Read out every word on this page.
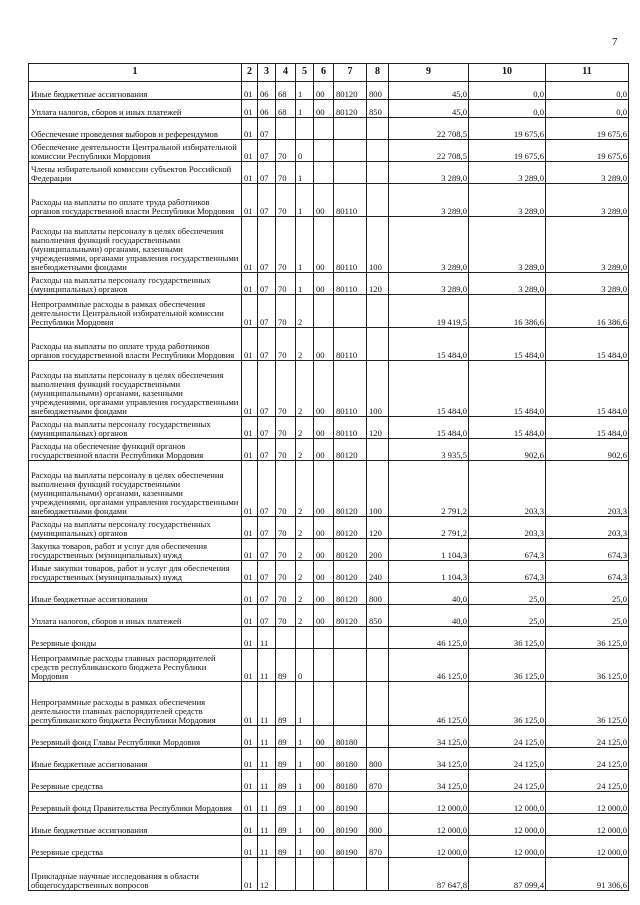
7
1	2	3	4	5	6	7	8	9	10	11
Иные бюджетные ассигнования	01	06	68	1	00	80120	800	45,0	0,0	0,0
Уплата налогов, сборов и иных платежей	01	06	68	1	00	80120	850	45,0	0,0	0,0
Обеспечение проведения выборов и референдумов	01	07						22 708,5	19 675,6	19 675,6
Обеспечение деятельности Центральной избирательной комиссии Республики Мордовия	01	07	70	0				22 708,5	19 675,6	19 675,6
Члены избирательной комиссии субъектов Российской Федерации	01	07	70	1				3 289,0	3 289,0	3 289,0
Расходы на выплаты по оплате труда работников органов государственной власти Республики Мордовия	01	07	70	1	00	80110		3 289,0	3 289,0	3 289,0
Расходы на выплаты персоналу в целях обеспечения выполнения функций государственными (муниципальными) органами, казенными учреждениями, органами управления государственными внебюджетными фондами	01	07	70	1	00	80110	100	3 289,0	3 289,0	3 289,0
Расходы на выплаты персоналу государственных (муниципальных) органов	01	07	70	1	00	80110	120	3 289,0	3 289,0	3 289,0
Непрограммные расходы в рамках обеспечения деятельности Центральной избирательной комиссии Республики Мордовия	01	07	70	2				19 419,5	16 386,6	16 386,6
Расходы на выплаты по оплате труда работников органов государственной власти Республики Мордовия	01	07	70	2	00	80110		15 484,0	15 484,0	15 484,0
Расходы на выплаты персоналу в целях обеспечения выполнения функций государственными (муниципальными) органами, казенными учреждениями, органами управления государственными внебюджетными фондами	01	07	70	2	00	80110	100	15 484,0	15 484,0	15 484,0
Расходы на выплаты персоналу государственных (муниципальных) органов	01	07	70	2	00	80110	120	15 484,0	15 484,0	15 484,0
Расходы на обеспечение функций органов государственной власти Республики Мордовия	01	07	70	2	00	80120		3 935,5	902,6	902,6
Расходы на выплаты персоналу в целях обеспечения выполнения функций государственными (муниципальными) органами, казенными учреждениями, органами управления государственными внебюджетными фондами	01	07	70	2	00	80120	100	2 791,2	203,3	203,3
Расходы на выплаты персоналу государственных (муниципальных) органов	01	07	70	2	00	80120	120	2 791,2	203,3	203,3
Закупка товаров, работ и услуг для обеспечения государственных (муниципальных) нужд	01	07	70	2	00	80120	200	1 104,3	674,3	674,3
Иные закупки товаров, работ и услуг для обеспечения государственных (муниципальных) нужд	01	07	70	2	00	80120	240	1 104,3	674,3	674,3
Иные бюджетные ассигнования	01	07	70	2	00	80120	800	40,0	25,0	25,0
Уплата налогов, сборов и иных платежей	01	07	70	2	00	80120	850	40,0	25,0	25,0
Резервные фонды	01	11						46 125,0	36 125,0	36 125,0
Непрограммные расходы главных распорядителей средств республиканского бюджета Республики Мордовия	01	11	89	0				46 125,0	36 125,0	36 125,0
Непрограммные расходы в рамках обеспечения деятельности главных распорядителей средств республиканского бюджета Республики Мордовия	01	11	89	1				46 125,0	36 125,0	36 125,0
Резервный фонд Главы Республики Мордовия	01	11	89	1	00	80180		34 125,0	24 125,0	24 125,0
Иные бюджетные ассигнования	01	11	89	1	00	80180	800	34 125,0	24 125,0	24 125,0
Резервные средства	01	11	89	1	00	80180	870	34 125,0	24 125,0	24 125,0
Резервный фонд Правительства Республики Мордовия	01	11	89	1	00	80190		12 000,0	12 000,0	12 000,0
Иные бюджетные ассигнования	01	11	89	1	00	80190	800	12 000,0	12 000,0	12 000,0
Резервные средства	01	11	89	1	00	80190	870	12 000,0	12 000,0	12 000,0
Прикладные научные исследования в области общегосударственных вопросов	01	12						87 647,8	87 099,4	91 306,6
